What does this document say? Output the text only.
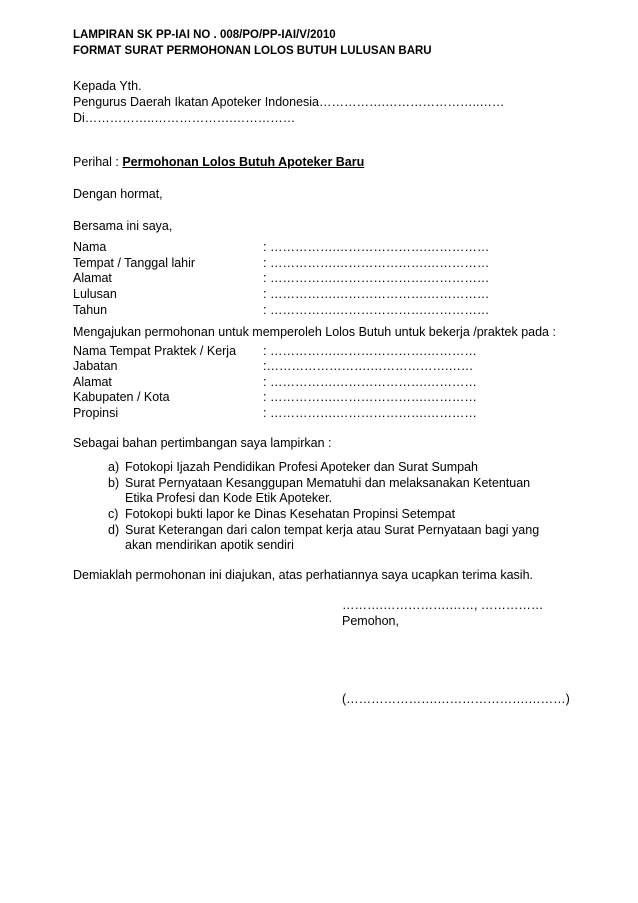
LAMPIRAN SK PP-IAI NO . 008/PO/PP-IAI/V/2010
FORMAT SURAT PERMOHONAN LOLOS BUTUH LULUSAN BARU
Kepada Yth.
Pengurus Daerah Ikatan Apoteker Indonesia…………….…………………..……
Di……………..……………….……………
Perihal : Permohonan Lolos Butuh Apoteker Baru
Dengan hormat,
Bersama ini saya,
Nama	: …………….………………….……………
Tempat / Tanggal lahir	: …………….………………….……………
Alamat	: …………….………………….……………
Lulusan	: …………….………………….……………
Tahun	: …………….………………….……………
Mengajukan permohonan untuk memperoleh Lolos Butuh untuk bekerja /praktek pada :
Nama Tempat Praktek / Kerja : …………….………………….…………
Jabatan	:…………………….……………….……
Alamat	: …………….………………….…………
Kabupaten / Kota	: …………….………………….…………
Propinsi	: …………….………………….…………
Sebagai bahan pertimbangan saya lampirkan :
a) Fotokopi Ijazah Pendidikan Profesi Apoteker dan Surat Sumpah
b) Surat Pernyataan Kesanggupan Mematuhi dan melaksanakan Ketentuan
Etika Profesi dan Kode Etik Apoteker.
c) Fotokopi bukti lapor ke Dinas Kesehatan Propinsi Setempat
d) Surat Keterangan dari calon tempat kerja atau Surat Pernyataan bagi yang
akan mendirikan apotik sendiri
Demiaklah permohonan ini diajukan, atas perhatiannya saya ucapkan terima kasih.
……….…………….……, ……………
Pemohon,
(………………….………………….………)
